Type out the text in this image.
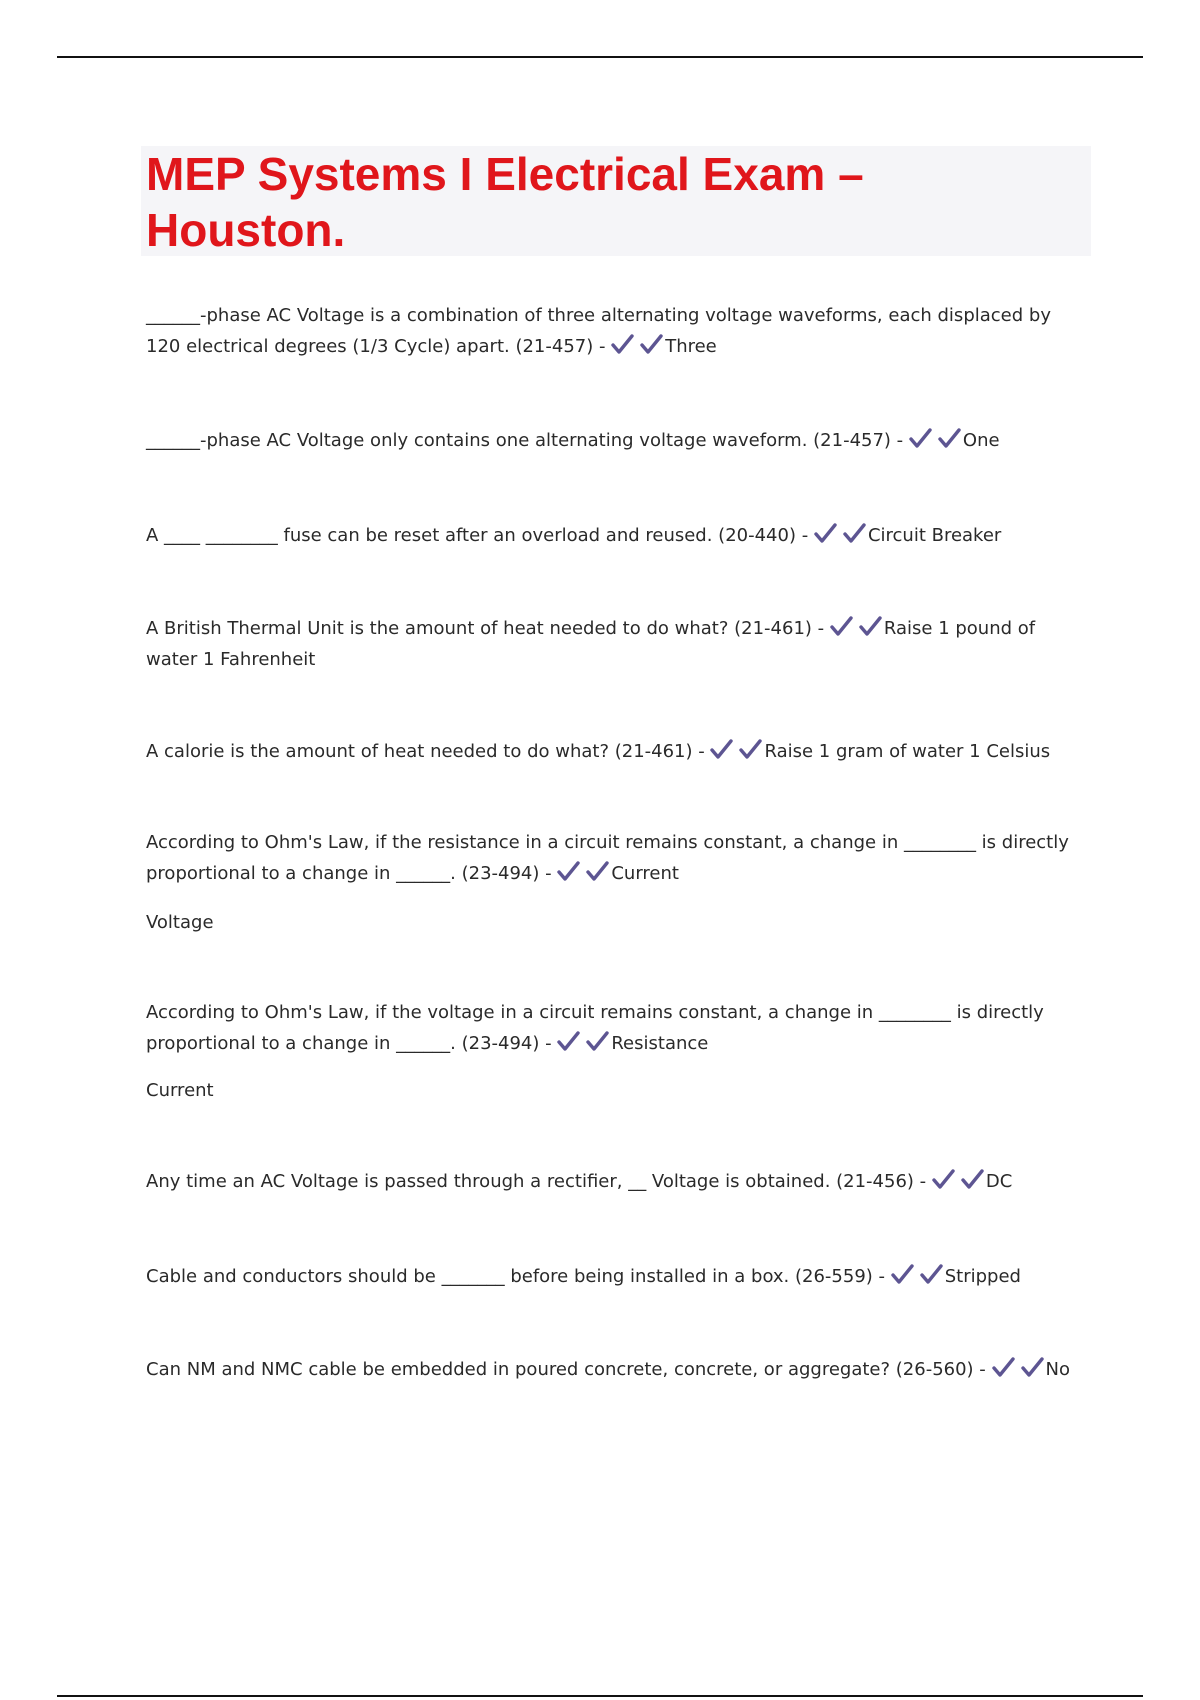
MEP Systems I Electrical Exam – Houston.

______-phase AC Voltage is a combination of three alternating voltage waveforms, each displaced by 120 electrical degrees (1/3 Cycle) apart. (21-457) -	Three

______-phase AC Voltage only contains one alternating voltage waveform. (21-457) -	One

A ____ ________ fuse can be reset after an overload and reused. (20-440) -	Circuit Breaker

A British Thermal Unit is the amount of heat needed to do what? (21-461) -	Raise 1 pound of water 1 Fahrenheit

A calorie is the amount of heat needed to do what? (21-461) -	Raise 1 gram of water 1 Celsius

According to Ohm's Law, if the resistance in a circuit remains constant, a change in ________ is directly proportional to a change in ______. (23-494) -	Current

Voltage

According to Ohm's Law, if the voltage in a circuit remains constant, a change in ________ is directly proportional to a change in ______. (23-494) -	Resistance

Current

Any time an AC Voltage is passed through a rectifier, __ Voltage is obtained. (21-456) -	DC

Cable and conductors should be _______ before being installed in a box. (26-559) -	Stripped

Can NM and NMC cable be embedded in poured concrete, concrete, or aggregate? (26-560) -	No
